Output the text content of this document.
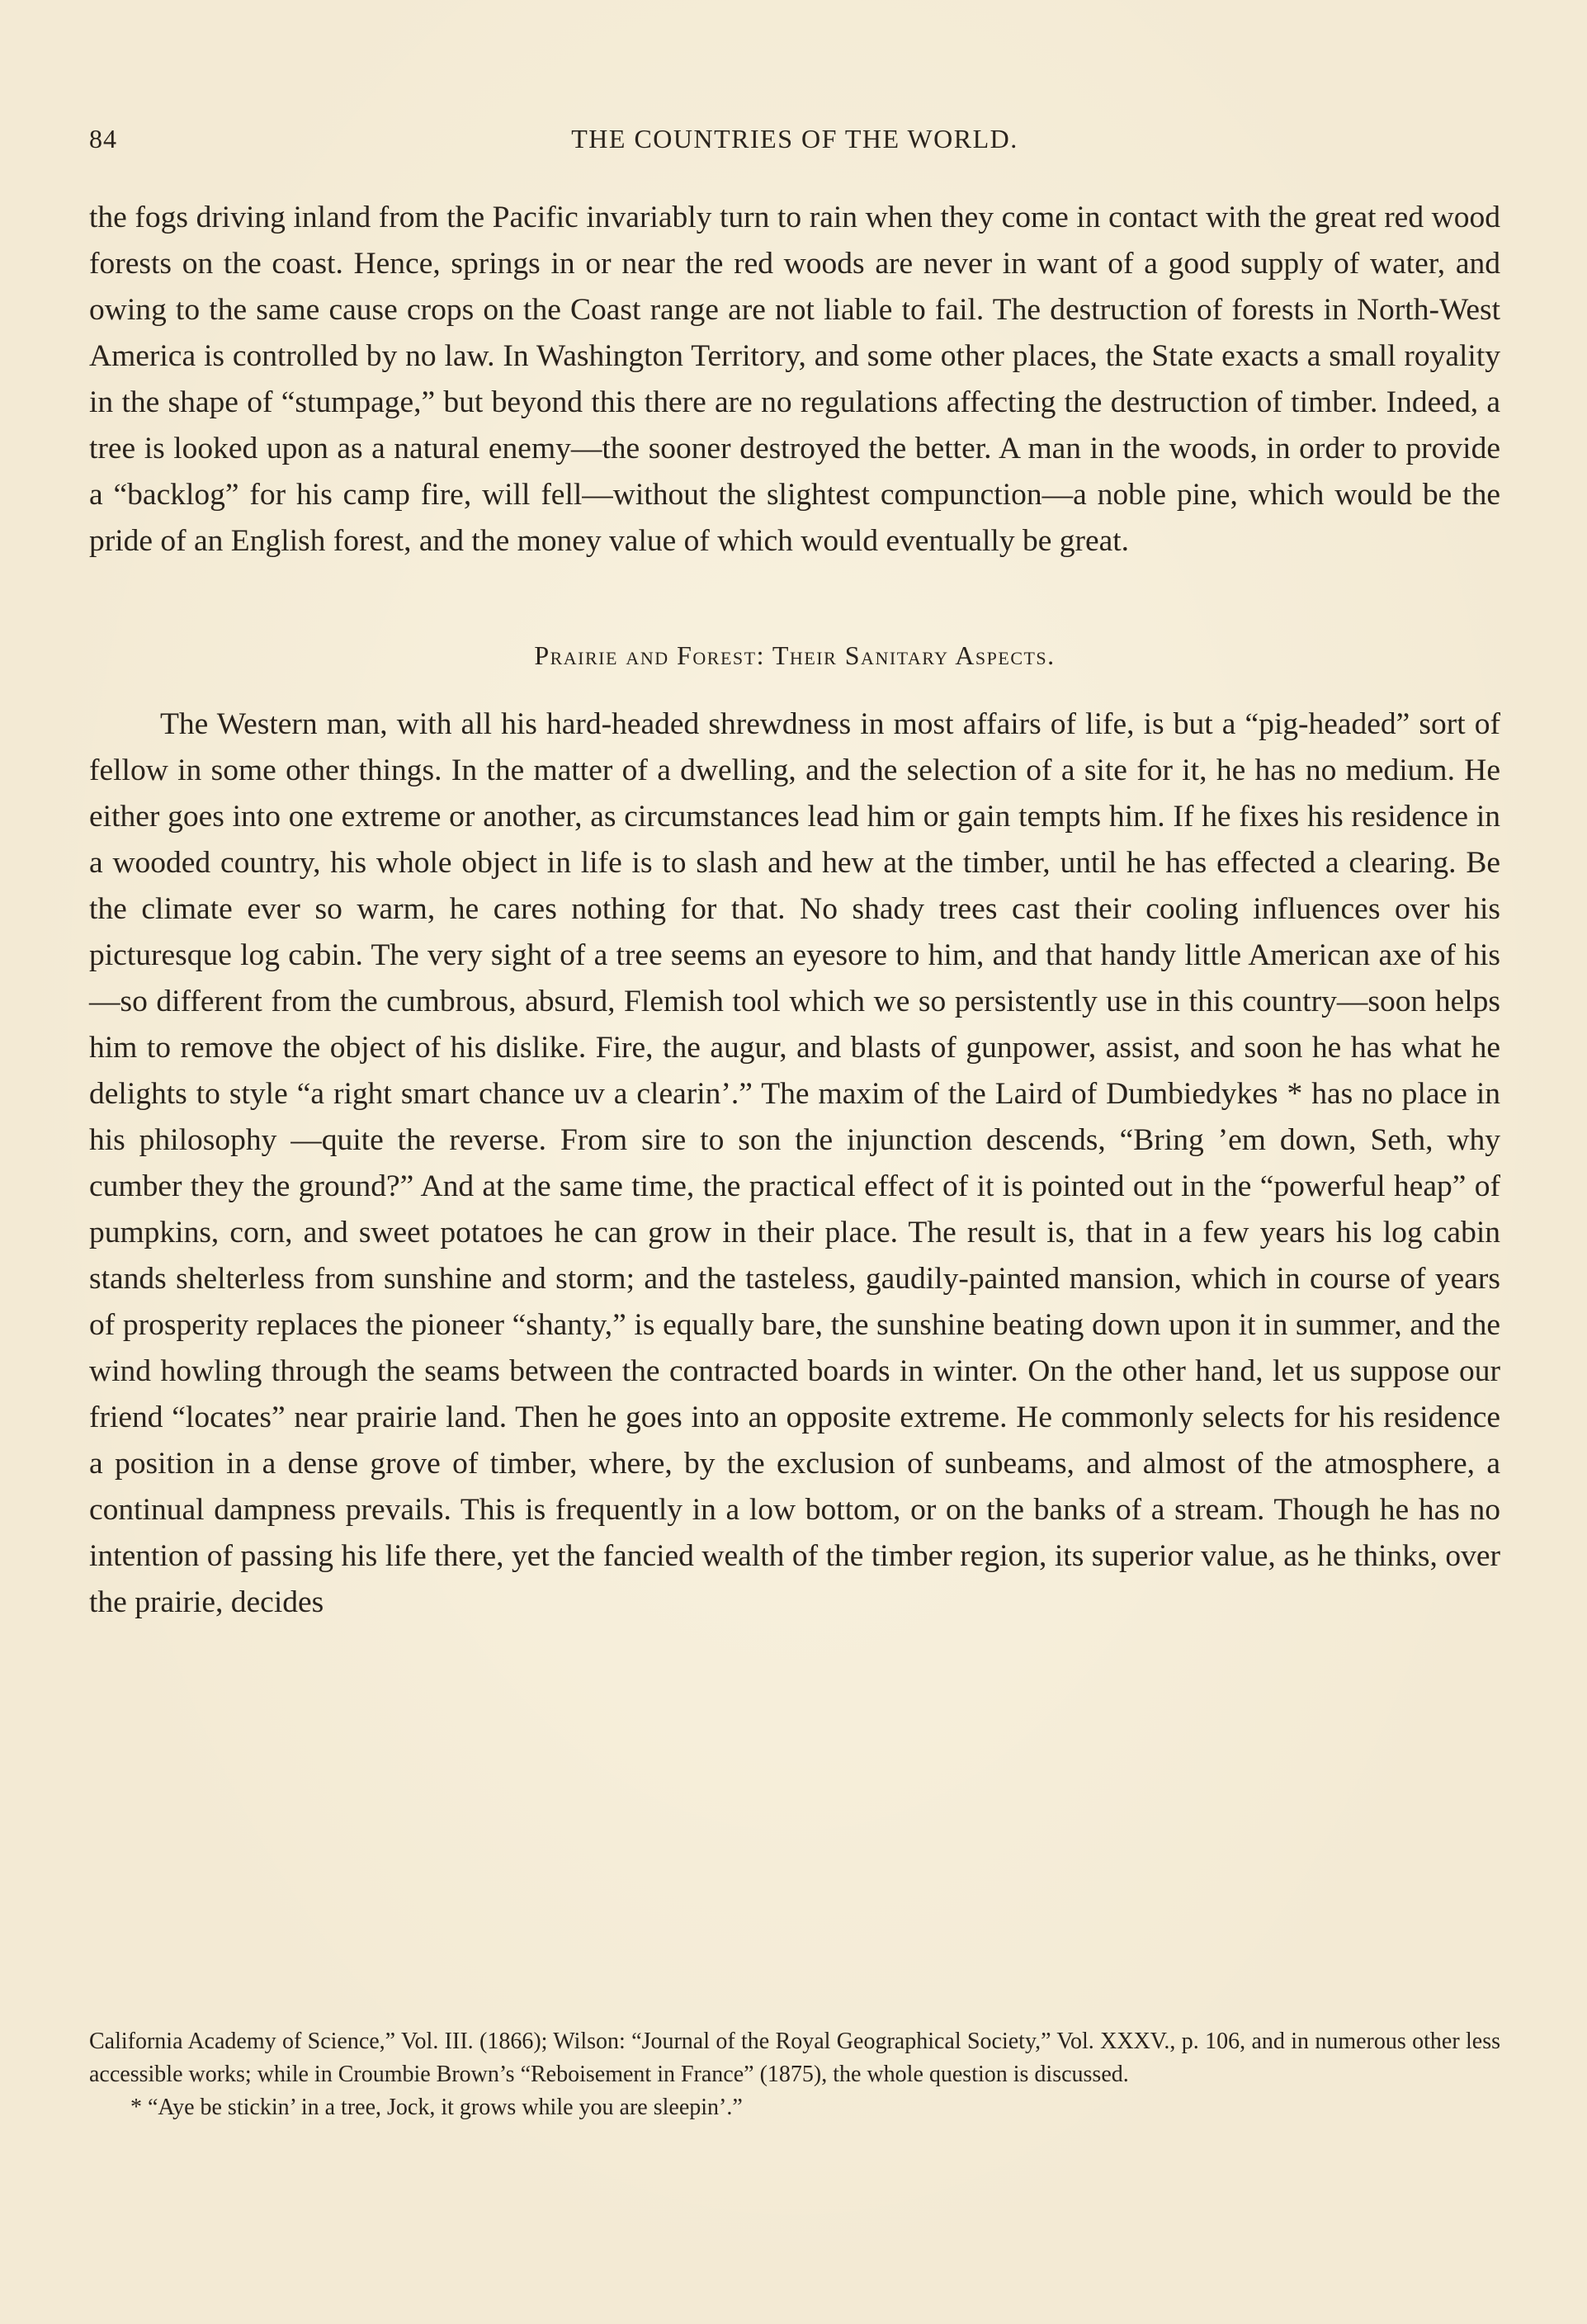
84	THE COUNTRIES OF THE WORLD.

the fogs driving inland from the Pacific invariably turn to rain when they come in contact with the great red wood forests on the coast. Hence, springs in or near the red woods are never in want of a good supply of water, and owing to the same cause crops on the Coast range are not liable to fail. The destruction of forests in North-West America is controlled by no law. In Washington Territory, and some other places, the State exacts a small royality in the shape of “stumpage,” but beyond this there are no regulations affecting the destruction of timber. Indeed, a tree is looked upon as a natural enemy—the sooner destroyed the better. A man in the woods, in order to provide a “backlog” for his camp fire, will fell—without the slightest compunction—a noble pine, which would be the pride of an English forest, and the money value of which would eventually be great.

Prairie and Forest: Their Sanitary Aspects.

The Western man, with all his hard-headed shrewdness in most affairs of life, is but a “pig-headed” sort of fellow in some other things. In the matter of a dwelling, and the selection of a site for it, he has no medium. He either goes into one extreme or another, as circumstances lead him or gain tempts him. If he fixes his residence in a wooded country, his whole object in life is to slash and hew at the timber, until he has effected a clearing. Be the climate ever so warm, he cares nothing for that. No shady trees cast their cooling influences over his picturesque log cabin. The very sight of a tree seems an eyesore to him, and that handy little American axe of his—so different from the cumbrous, absurd, Flemish tool which we so persistently use in this country—soon helps him to remove the object of his dislike. Fire, the augur, and blasts of gunpower, assist, and soon he has what he delights to style “a right smart chance uv a clearin’.” The maxim of the Laird of Dumbiedykes * has no place in his philosophy —quite the reverse. From sire to son the injunction descends, “Bring ’em down, Seth, why cumber they the ground?” And at the same time, the practical effect of it is pointed out in the “powerful heap” of pumpkins, corn, and sweet potatoes he can grow in their place. The result is, that in a few years his log cabin stands shelterless from sunshine and storm; and the tasteless, gaudily-painted mansion, which in course of years of prosperity replaces the pioneer “shanty,” is equally bare, the sunshine beating down upon it in summer, and the wind howling through the seams between the contracted boards in winter. On the other hand, let us suppose our friend “locates” near prairie land. Then he goes into an opposite extreme. He commonly selects for his residence a position in a dense grove of timber, where, by the exclusion of sunbeams, and almost of the atmosphere, a continual dampness prevails. This is frequently in a low bottom, or on the banks of a stream. Though he has no intention of passing his life there, yet the fancied wealth of the timber region, its superior value, as he thinks, over the prairie, decides

California Academy of Science,” Vol. III. (1866); Wilson: “Journal of the Royal Geographical Society,” Vol. XXXV., p. 106, and in numerous other less accessible works; while in Croumbie Brown’s “Reboisement in France” (1875), the whole question is discussed.

* “Aye be stickin’ in a tree, Jock, it grows while you are sleepin’.”
